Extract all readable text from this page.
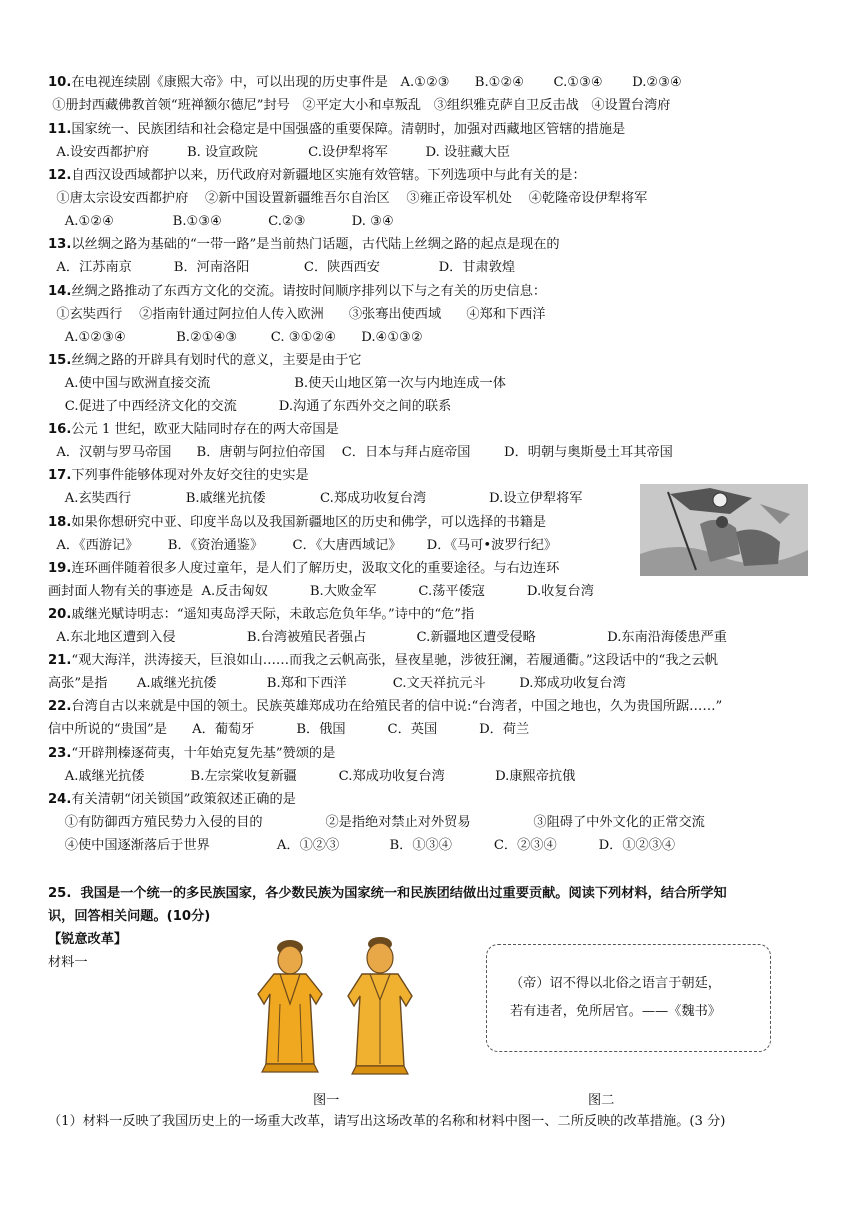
10.在电视连续剧《康熙大帝》中，可以出现的历史事件是   A.①②③      B.①②④       C.①③④       D.②③④
①册封西藏佛教首领“班禅额尔德尼”封号   ②平定大小和卓叛乱   ③组织雅克萨自卫反击战   ④设置台湾府
11.国家统一、民族团结和社会稳定是中国强盛的重要保障。清朝时，加强对西藏地区管辖的措施是
A.设安西都护府         B. 设宣政院            C.设伊犁将军         D. 设驻藏大臣
12.自西汉设西域都护以来，历代政府对新疆地区实施有效管辖。下列选项中与此有关的是：
①唐太宗设安西都护府    ②新中国设置新疆维吾尔自治区    ③雍正帝设军机处    ④乾隆帝设伊犁将军
A.①②④              B.①③④           C.②③           D. ③④
13.以丝绸之路为基础的“一带一路”是当前热门话题，古代陆上丝绸之路的起点是现在的
A．江苏南京          B．河南洛阳             C．陕西西安              D．甘肃敦煌
14.丝绸之路推动了东西方文化的交流。请按时间顺序排列以下与之有关的历史信息：
①玄奘西行    ②指南针通过阿拉伯人传入欧洲      ③张骞出使西域      ④郑和下西洋
A.①②③④            B.②①④③        C. ③①②④      D.④①③②
15.丝绸之路的开辟具有划时代的意义，主要是由于它
A.使中国与欧洲直接交流                    B.使天山地区第一次与内地连成一体
C.促进了中西经济文化的交流          D.沟通了东西外交之间的联系
16.公元 1 世纪，欧亚大陆同时存在的两大帝国是
A．汉朝与罗马帝国      B．唐朝与阿拉伯帝国    C．日本与拜占庭帝国        D．明朝与奥斯曼土耳其帝国
17.下列事件能够体现对外友好交往的史实是
A.玄奘西行             B.戚继光抗倭             C.郑成功收复台湾               D.设立伊犁将军
18.如果你想研究中亚、印度半岛以及我国新疆地区的历史和佛学，可以选择的书籍是
A．《西游记》       B．《资治通鉴》       C．《大唐西域记》      D．《马可•波罗行纪》
19.连环画伴随着很多人度过童年，是人们了解历史，汲取文化的重要途径。与右边连环
画封面人物有关的事迹是  A.反击匈奴          B.大败金军          C.荡平倭寇          D.收复台湾
20.戚继光赋诗明志：“遥知夷岛浮天际，未敢忘危负年华。”诗中的“危”指
A.东北地区遭到入侵                 B.台湾被殖民者强占            C.新疆地区遭受侵略                 D.东南沿海倭患严重
21.“观大海洋，洪涛接天，巨浪如山……而我之云帆高张，昼夜星驰，涉彼狂澜，若履通衢。”这段话中的“我之云帆
高张”是指       A.戚继光抗倭            B.郑和下西洋           C.文天祥抗元斗        D.郑成功收复台湾
22.台湾自古以来就是中国的领土。民族英雄郑成功在给殖民者的信中说:“台湾者，中国之地也，久为贵国所踞……”
信中所说的“贵国”是      A．葡萄牙          B．俄国          C．英国          D．荷兰
23.“开辟荆榛逐荷夷，十年始克复先基”赞颂的是
A.戚继光抗倭           B.左宗棠收复新疆          C.郑成功收复台湾            D.康熙帝抗俄
24.有关清朝“闭关锁国”政策叙述正确的是
①有防御西方殖民势力入侵的目的               ②是指绝对禁止对外贸易               ③阻碍了中外文化的正常交流
④使中国逐渐落后于世界                A．①②③            B．①③④          C．②③④          D．①②③④
25.  我国是一个统一的多民族国家，各少数民族为国家统一和民族团结做出过重要贡献。阅读下列材料，结合所学知
识，回答相关问题。(10分)
【锐意改革】
材料一
（帝）诏不得以北俗之语言于朝廷，
若有违者，免所居官。——《魏书》
图一	图二
（1）材料一反映了我国历史上的一场重大改革，请写出这场改革的名称和材料中图一、二所反映的改革措施。(3 分)
